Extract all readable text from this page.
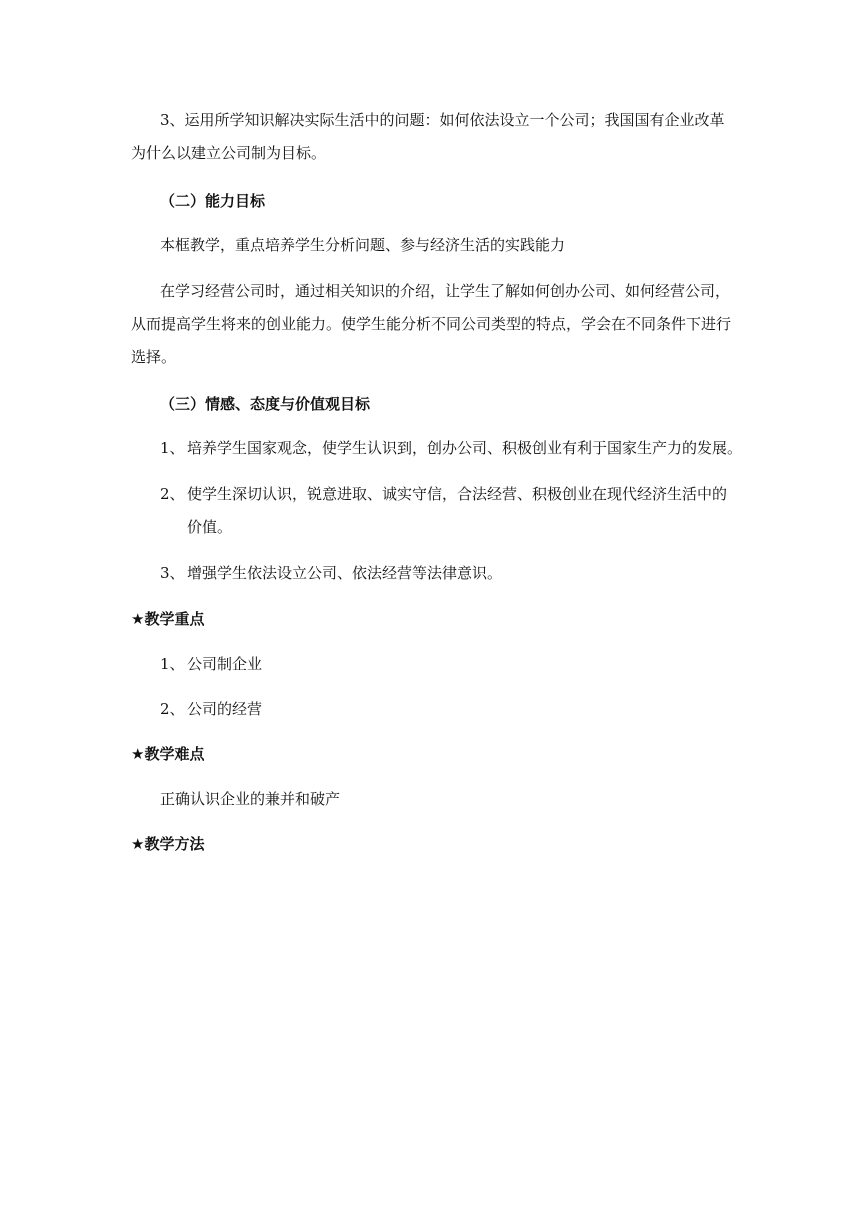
3、运用所学知识解决实际生活中的问题：如何依法设立一个公司；我国国有企业改革
为什么以建立公司制为目标。
（二）能力目标
本框教学，重点培养学生分析问题、参与经济生活的实践能力
在学习经营公司时，通过相关知识的介绍，让学生了解如何创办公司、如何经营公司，
从而提高学生将来的创业能力。使学生能分析不同公司类型的特点，学会在不同条件下进行
选择。
（三）情感、态度与价值观目标
1、 培养学生国家观念，使学生认识到，创办公司、积极创业有利于国家生产力的发展。
2、 使学生深切认识，锐意进取、诚实守信，合法经营、积极创业在现代经济生活中的
价值。
3、 增强学生依法设立公司、依法经营等法律意识。
★教学重点
1、 公司制企业
2、 公司的经营
★教学难点
正确认识企业的兼并和破产
★教学方法
